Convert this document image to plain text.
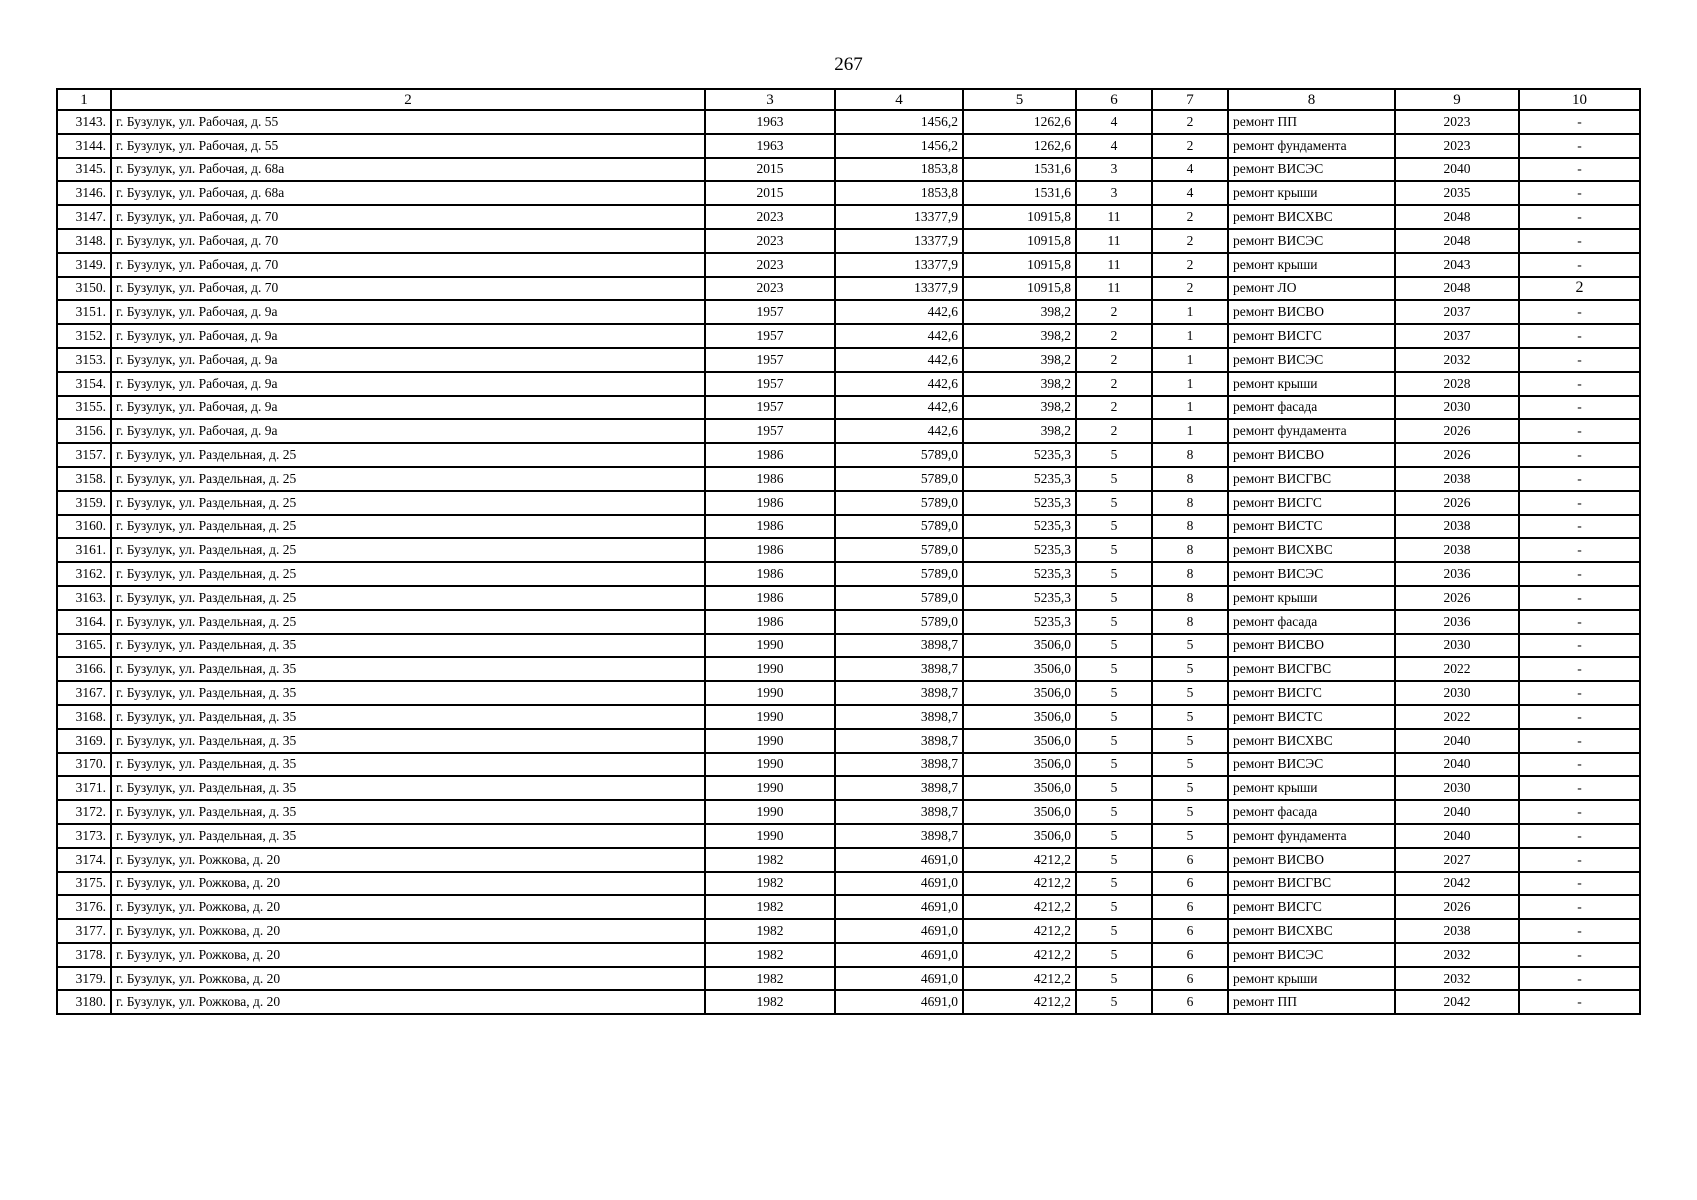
267
1	2	3	4	5	6	7	8	9	10
3143.	г. Бузулук, ул. Рабочая, д. 55	1963	1456,2	1262,6	4	2	ремонт ПП	2023	-
3144.	г. Бузулук, ул. Рабочая, д. 55	1963	1456,2	1262,6	4	2	ремонт фундамента	2023	-
3145.	г. Бузулук, ул. Рабочая, д. 68а	2015	1853,8	1531,6	3	4	ремонт ВИСЭС	2040	-
3146.	г. Бузулук, ул. Рабочая, д. 68а	2015	1853,8	1531,6	3	4	ремонт крыши	2035	-
3147.	г. Бузулук, ул. Рабочая, д. 70	2023	13377,9	10915,8	11	2	ремонт ВИСХВС	2048	-
3148.	г. Бузулук, ул. Рабочая, д. 70	2023	13377,9	10915,8	11	2	ремонт ВИСЭС	2048	-
3149.	г. Бузулук, ул. Рабочая, д. 70	2023	13377,9	10915,8	11	2	ремонт крыши	2043	-
3150.	г. Бузулук, ул. Рабочая, д. 70	2023	13377,9	10915,8	11	2	ремонт ЛО	2048	2
3151.	г. Бузулук, ул. Рабочая, д. 9а	1957	442,6	398,2	2	1	ремонт ВИСВО	2037	-
3152.	г. Бузулук, ул. Рабочая, д. 9а	1957	442,6	398,2	2	1	ремонт ВИСГС	2037	-
3153.	г. Бузулук, ул. Рабочая, д. 9а	1957	442,6	398,2	2	1	ремонт ВИСЭС	2032	-
3154.	г. Бузулук, ул. Рабочая, д. 9а	1957	442,6	398,2	2	1	ремонт крыши	2028	-
3155.	г. Бузулук, ул. Рабочая, д. 9а	1957	442,6	398,2	2	1	ремонт фасада	2030	-
3156.	г. Бузулук, ул. Рабочая, д. 9а	1957	442,6	398,2	2	1	ремонт фундамента	2026	-
3157.	г. Бузулук, ул. Раздельная, д. 25	1986	5789,0	5235,3	5	8	ремонт ВИСВО	2026	-
3158.	г. Бузулук, ул. Раздельная, д. 25	1986	5789,0	5235,3	5	8	ремонт ВИСГВС	2038	-
3159.	г. Бузулук, ул. Раздельная, д. 25	1986	5789,0	5235,3	5	8	ремонт ВИСГС	2026	-
3160.	г. Бузулук, ул. Раздельная, д. 25	1986	5789,0	5235,3	5	8	ремонт ВИСТС	2038	-
3161.	г. Бузулук, ул. Раздельная, д. 25	1986	5789,0	5235,3	5	8	ремонт ВИСХВС	2038	-
3162.	г. Бузулук, ул. Раздельная, д. 25	1986	5789,0	5235,3	5	8	ремонт ВИСЭС	2036	-
3163.	г. Бузулук, ул. Раздельная, д. 25	1986	5789,0	5235,3	5	8	ремонт крыши	2026	-
3164.	г. Бузулук, ул. Раздельная, д. 25	1986	5789,0	5235,3	5	8	ремонт фасада	2036	-
3165.	г. Бузулук, ул. Раздельная, д. 35	1990	3898,7	3506,0	5	5	ремонт ВИСВО	2030	-
3166.	г. Бузулук, ул. Раздельная, д. 35	1990	3898,7	3506,0	5	5	ремонт ВИСГВС	2022	-
3167.	г. Бузулук, ул. Раздельная, д. 35	1990	3898,7	3506,0	5	5	ремонт ВИСГС	2030	-
3168.	г. Бузулук, ул. Раздельная, д. 35	1990	3898,7	3506,0	5	5	ремонт ВИСТС	2022	-
3169.	г. Бузулук, ул. Раздельная, д. 35	1990	3898,7	3506,0	5	5	ремонт ВИСХВС	2040	-
3170.	г. Бузулук, ул. Раздельная, д. 35	1990	3898,7	3506,0	5	5	ремонт ВИСЭС	2040	-
3171.	г. Бузулук, ул. Раздельная, д. 35	1990	3898,7	3506,0	5	5	ремонт крыши	2030	-
3172.	г. Бузулук, ул. Раздельная, д. 35	1990	3898,7	3506,0	5	5	ремонт фасада	2040	-
3173.	г. Бузулук, ул. Раздельная, д. 35	1990	3898,7	3506,0	5	5	ремонт фундамента	2040	-
3174.	г. Бузулук, ул. Рожкова, д. 20	1982	4691,0	4212,2	5	6	ремонт ВИСВО	2027	-
3175.	г. Бузулук, ул. Рожкова, д. 20	1982	4691,0	4212,2	5	6	ремонт ВИСГВС	2042	-
3176.	г. Бузулук, ул. Рожкова, д. 20	1982	4691,0	4212,2	5	6	ремонт ВИСГС	2026	-
3177.	г. Бузулук, ул. Рожкова, д. 20	1982	4691,0	4212,2	5	6	ремонт ВИСХВС	2038	-
3178.	г. Бузулук, ул. Рожкова, д. 20	1982	4691,0	4212,2	5	6	ремонт ВИСЭС	2032	-
3179.	г. Бузулук, ул. Рожкова, д. 20	1982	4691,0	4212,2	5	6	ремонт крыши	2032	-
3180.	г. Бузулук, ул. Рожкова, д. 20	1982	4691,0	4212,2	5	6	ремонт ПП	2042	-
